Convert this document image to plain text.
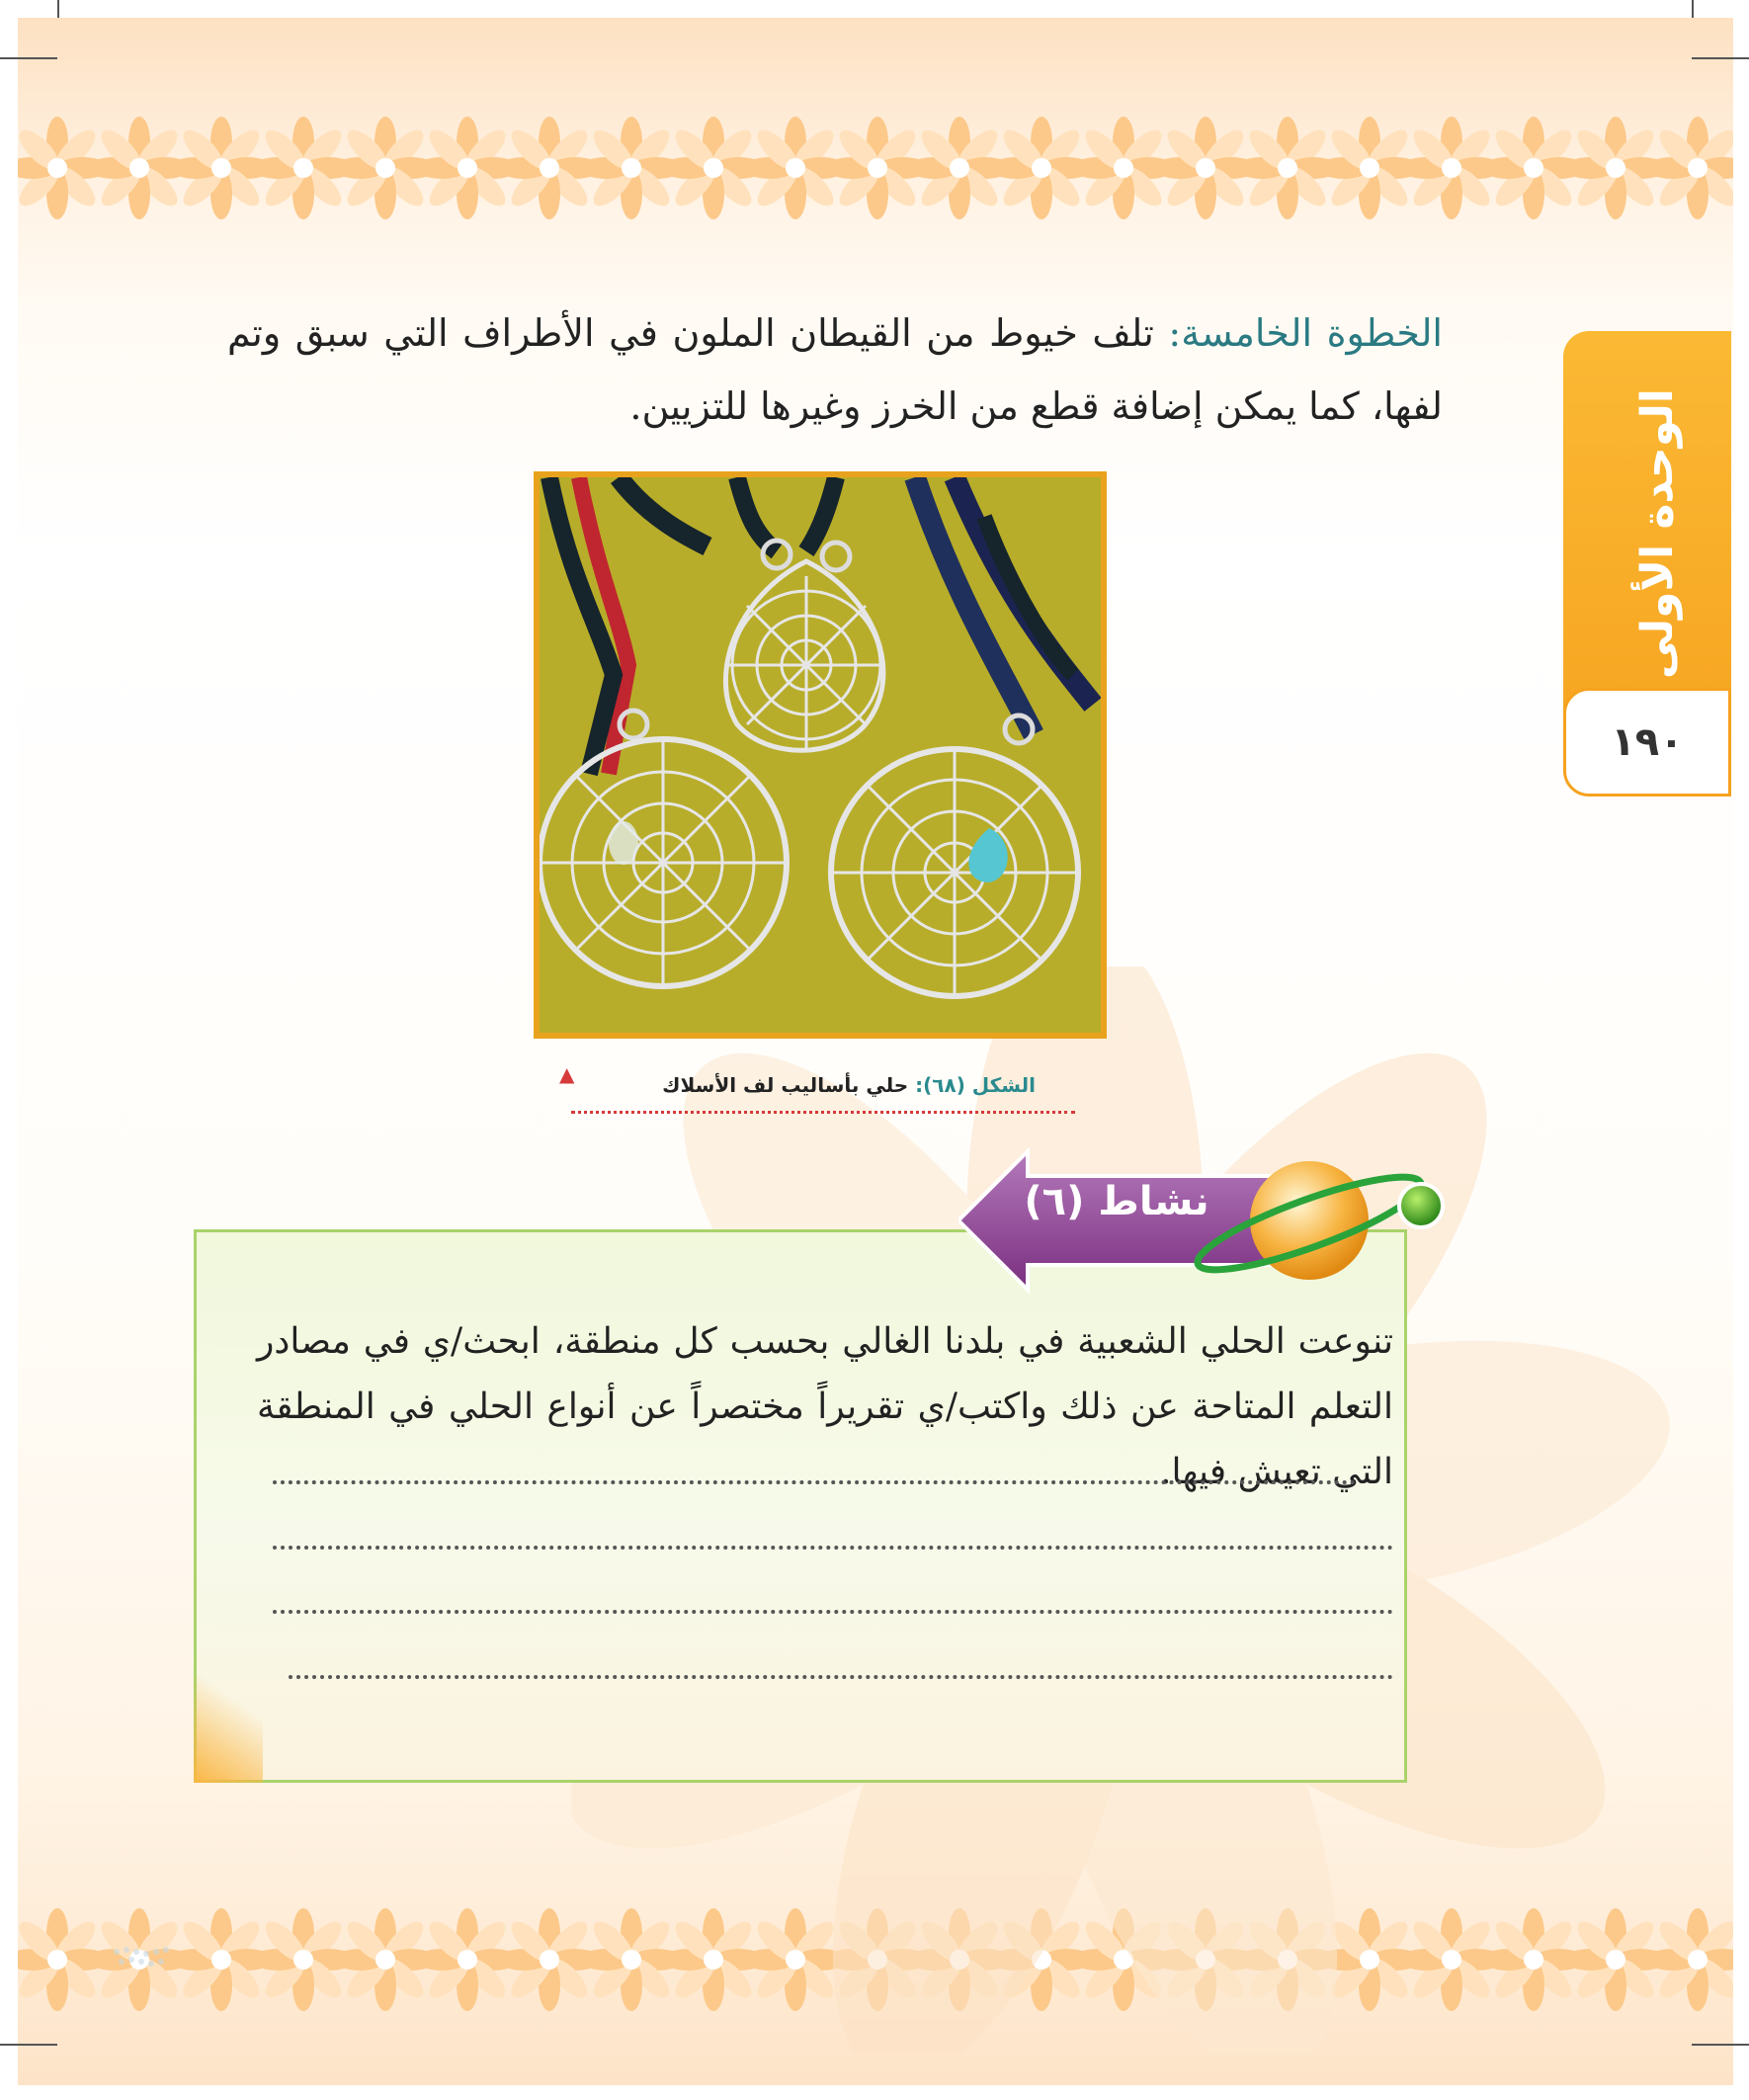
الوحدة الأولى
١٩٠
الخطوة الخامسة: تلف خيوط من القيطان الملون في الأطراف التي سبق وتم لفها، كما يمكن إضافة قطع من الخرز وغيرها للتزيين.
الشكل (٦٨): حلي بأساليب لف الأسلاك
▲
نشاط (٦)
تنوعت الحلي الشعبية في بلدنا الغالي بحسب كل منطقة، ابحث/ي في مصادر التعلم المتاحة عن ذلك واكتب/ي تقريراً مختصراً عن أنواع الحلي في المنطقة التي تعيش فيها.
